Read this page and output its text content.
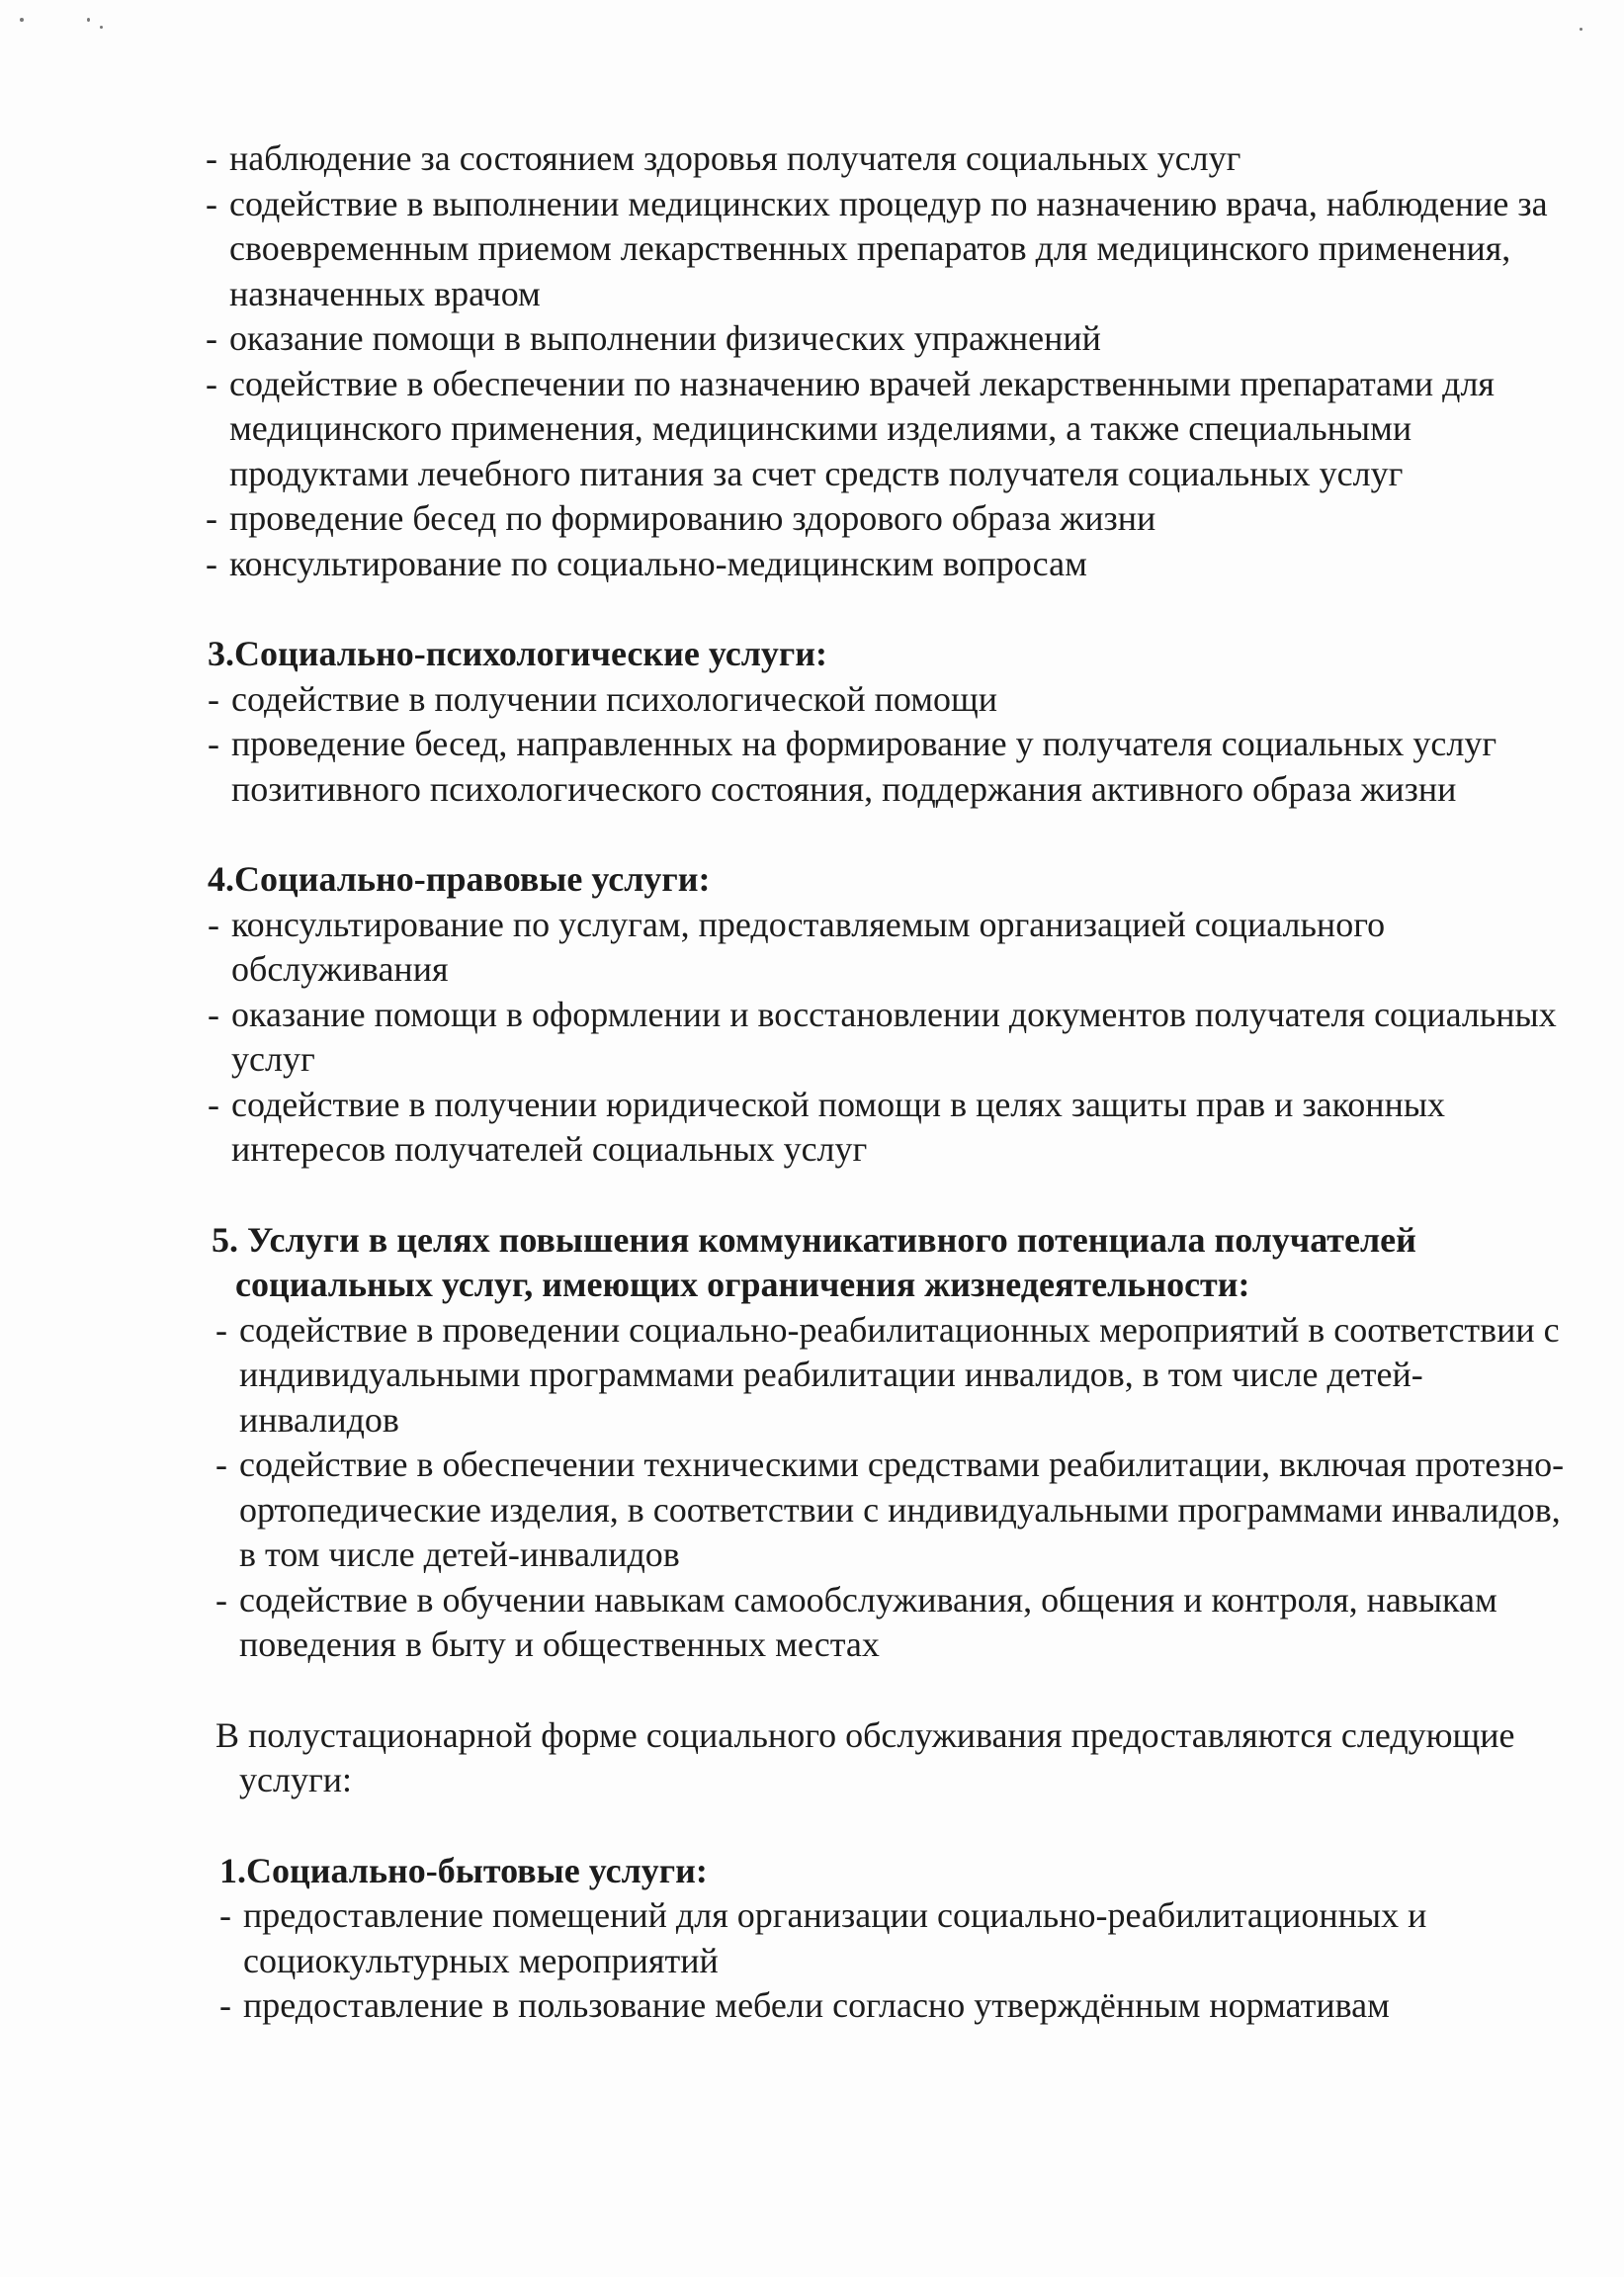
- наблюдение за состоянием здоровья получателя социальных услуг
- содействие в выполнении медицинских процедур по назначению врача, наблюдение за своевременным приемом лекарственных препаратов для медицинского применения, назначенных врачом
- оказание помощи в выполнении физических упражнений
- содействие в обеспечении по назначению врачей лекарственными препаратами для медицинского применения, медицинскими изделиями, а также специальными продуктами лечебного питания за счет средств получателя социальных услуг
- проведение бесед по формированию здорового образа жизни
- консультирование по социально-медицинским вопросам

3.Социально-психологические услуги:

- содействие в получении психологической помощи
- проведение бесед, направленных на формирование у получателя социальных услуг позитивного психологического состояния, поддержания активного образа жизни

4.Социально-правовые услуги:

- консультирование по услугам, предоставляемым организацией социального обслуживания
- оказание помощи в оформлении и восстановлении документов получателя социальных услуг
- содействие в получении юридической помощи в целях защиты прав и законных интересов получателей социальных услуг

5. Услуги в целях повышения коммуникативного потенциала получателей социальных услуг, имеющих ограничения жизнедеятельности:

- содействие в проведении социально-реабилитационных мероприятий в соответствии с индивидуальными программами реабилитации инвалидов, в том числе детей-инвалидов
- содействие в обеспечении техническими средствами реабилитации, включая протезно-ортопедические изделия, в соответствии с индивидуальными программами инвалидов, в том числе детей-инвалидов
- содействие в обучении навыкам самообслуживания, общения и контроля, навыкам поведения в быту и общественных местах

В полустационарной форме социального обслуживания предоставляются следующие услуги:

1.Социально-бытовые услуги:

- предоставление помещений для организации социально-реабилитационных и социокультурных мероприятий
- предоставление в пользование мебели согласно утверждённым нормативам
